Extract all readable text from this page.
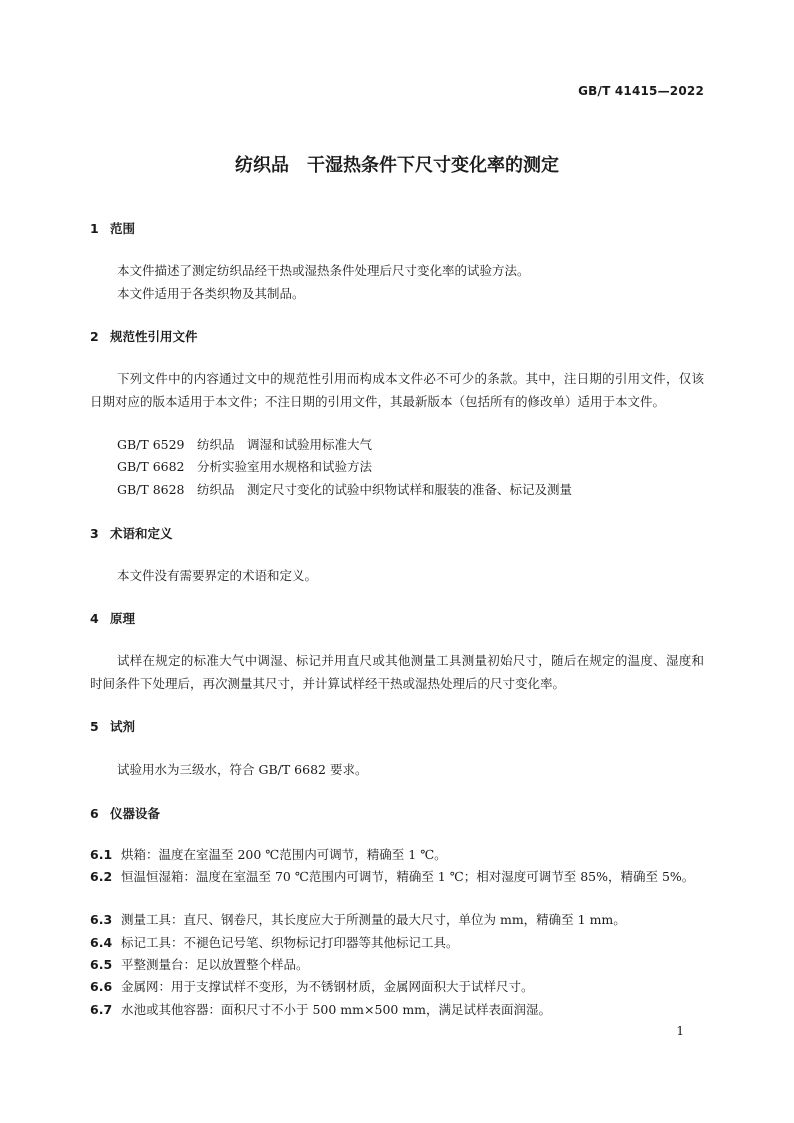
GB/T 41415—2022
纺织品　干湿热条件下尺寸变化率的测定
1 范围
本文件描述了测定纺织品经干热或湿热条件处理后尺寸变化率的试验方法。
本文件适用于各类织物及其制品。
2 规范性引用文件
下列文件中的内容通过文中的规范性引用而构成本文件必不可少的条款。其中，注日期的引用文件，仅该日期对应的版本适用于本文件；不注日期的引用文件，其最新版本（包括所有的修改单）适用于本文件。
GB/T 6529　纺织品　调湿和试验用标准大气
GB/T 6682　分析实验室用水规格和试验方法
GB/T 8628　纺织品　测定尺寸变化的试验中织物试样和服装的准备、标记及测量
3 术语和定义
本文件没有需要界定的术语和定义。
4 原理
试样在规定的标准大气中调湿、标记并用直尺或其他测量工具测量初始尺寸，随后在规定的温度、湿度和时间条件下处理后，再次测量其尺寸，并计算试样经干热或湿热处理后的尺寸变化率。
5 试剂
试验用水为三级水，符合 GB/T 6682 要求。
6 仪器设备
6.1 烘箱：温度在室温至 200 ℃范围内可调节，精确至 1 ℃。
6.2 恒温恒湿箱：温度在室温至 70 ℃范围内可调节，精确至 1 ℃；相对湿度可调节至 85%，精确至 5%。
6.3 测量工具：直尺、钢卷尺，其长度应大于所测量的最大尺寸，单位为 mm，精确至 1 mm。
6.4 标记工具：不褪色记号笔、织物标记打印器等其他标记工具。
6.5 平整测量台：足以放置整个样品。
6.6 金属网：用于支撑试样不变形，为不锈钢材质，金属网面积大于试样尺寸。
6.7 水池或其他容器：面积尺寸不小于 500 mm×500 mm，满足试样表面润湿。
1
